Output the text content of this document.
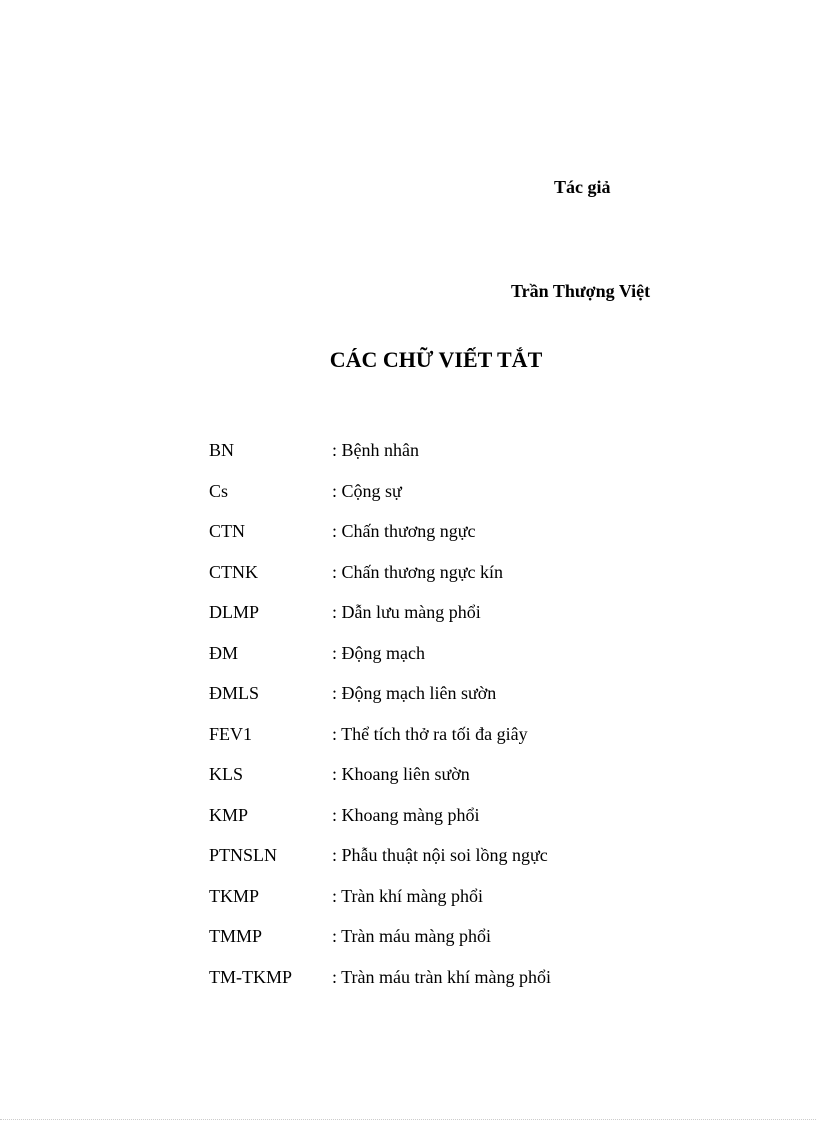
Tác giả
Trần Thượng Việt
CÁC CHỮ VIẾT TẮT
BN	: Bệnh nhân
Cs	: Cộng sự
CTN	: Chấn thương ngực
CTNK	: Chấn thương ngực kín
DLMP	: Dẫn lưu màng phổi
ĐM	: Động mạch
ĐMLS	: Động mạch liên sườn
FEV1	: Thể tích thở ra tối đa giây
KLS	: Khoang liên sườn
KMP	: Khoang màng phổi
PTNSLN	: Phẫu thuật nội soi lồng ngực
TKMP	: Tràn khí màng phổi
TMMP	: Tràn máu màng phổi
TM-TKMP	: Tràn máu tràn khí màng phổi
